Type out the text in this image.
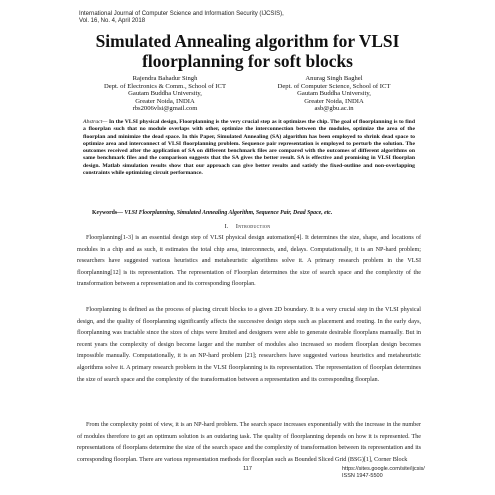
International Journal of Computer Science and Information Security (IJCSIS),
Vol. 16, No. 4, April 2018
Simulated Annealing algorithm for VLSI
floorplanning for soft blocks
Rajendra Bahadur Singh
Dept. of Electronics & Comm., School of ICT
Gautam Buddha University,
Greater Noida, INDIA
rbs2006vlsi@gmail.com
Anurag Singh Baghel
Dept. of Computer Science, School of ICT
Gautam Buddha University,
Greater Noida, INDIA
asb@gbu.ac.in
Abstract— In the VLSI physical design, Floorplanning is the very crucial step as it optimizes the chip. The goal of floorplanning is to find a floorplan such that no module overlaps with other, optimize the interconnection between the modules, optimize the area of the floorplan and minimize the dead space. In this Paper, Simulated Annealing (SA) algorithm has been employed to shrink dead space to optimize area and interconnect of VLSI floorplanning problem. Sequence pair representation is employed to perturb the solution. The outcomes received after the application of SA on different benchmark files are compared with the outcomes of different algorithms on same benchmark files and the comparison suggests that the SA gives the better result. SA is effective and promising in VLSI floorplan design. Matlab simulation results show that our approach can give better results and satisfy the fixed-outline and non-overlapping constraints while optimizing circuit performance.
Keywords— VLSI Floorplanning, Simulated Annealing Algorithm, Sequence Pair, Dead Space, etc.
I. Introduction

Floorplanning[1-3] is an essential design step of VLSI physical design automation[4]. It determines the size, shape, and locations of modules in a chip and as such, it estimates the total chip area, interconnects, and, delays. Computationally, it is an NP-hard problem; researchers have suggested various heuristics and metaheuristic algorithms solve it. A primary research problem in the VLSI floorplanning[12] is its representation. The representation of Floorplan determines the size of search space and the complexity of the transformation between a representation and its corresponding floorplan.

Floorplanning is defined as the process of placing circuit blocks to a given 2D boundary. It is a very crucial step in the VLSI physical design, and the quality of floorplanning significantly affects the successive design steps such as placement and routing. In the early days, floorplanning was tractable since the sizes of chips were limited and designers were able to generate desirable floorplans manually. But in recent years the complexity of design become larger and the number of modules also increased so modern floorplan design becomes impossible manually. Computationally, it is an NP-hard problem [21]; researchers have suggested various heuristics and metaheuristic algorithms solve it. A primary research problem in the VLSI floorplanning is its representation. The representation of floorplan determines the size of search space and the complexity of the transformation between a representation and its corresponding floorplan.

From the complexity point of view, it is an NP-hard problem. The search space increases exponentially with the increase in the number of modules therefore to get an optimum solution is an outdaring task. The quality of floorplanning depends on how it is represented. The representations of floorplans determine the size of the search space and the complexity of transformation between its representation and its corresponding floorplan. There are various representation methods for floorplan such as Bounded Sliced Grid (BSG)[1], Corner Block

117	https://sites.google.com/site/ijcsis/
ISSN 1947-5500
